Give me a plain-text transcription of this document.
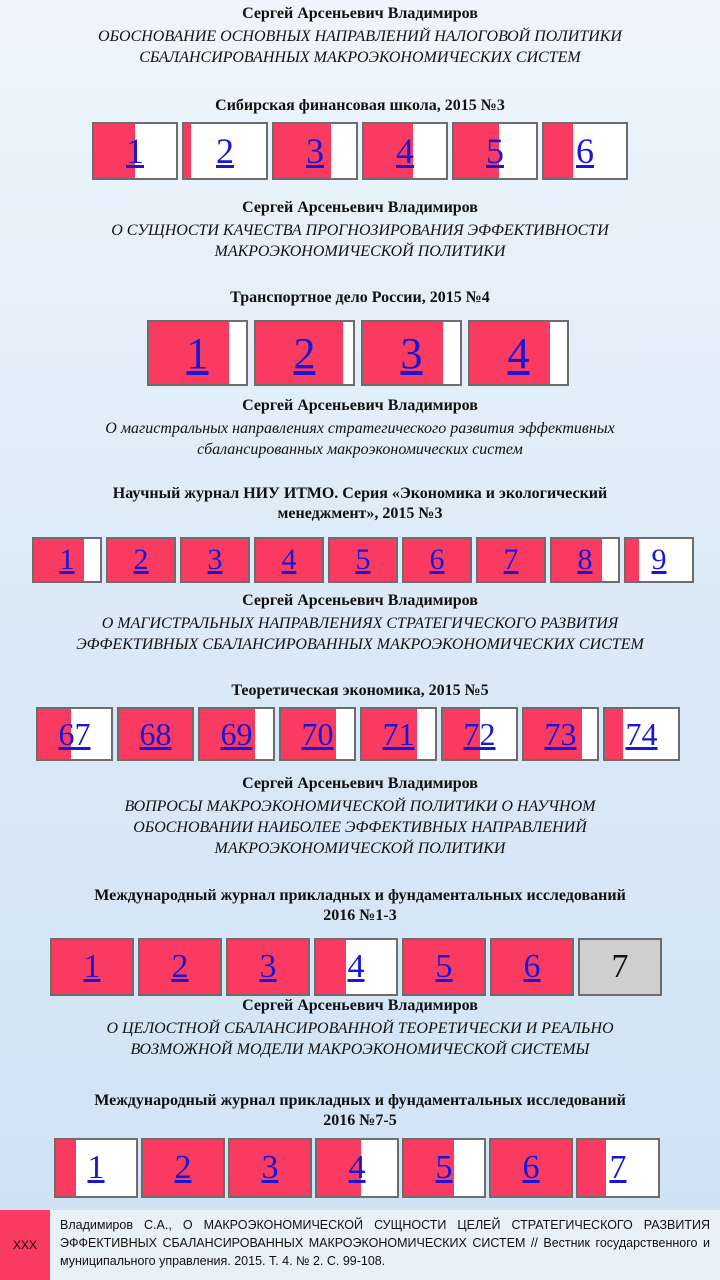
Сергей Арсеньевич Владимиров
ОБОСНОВАНИЕ ОСНОВНЫХ НАПРАВЛЕНИЙ НАЛОГОВОЙ ПОЛИТИКИ
СБАЛАНСИРОВАННЫХ МАКРОЭКОНОМИЧЕСКИХ СИСТЕМ
Сибирская финансовая школа, 2015 №3
1 2 3 4 5 6
Сергей Арсеньевич Владимиров
О СУЩНОСТИ КАЧЕСТВА ПРОГНОЗИРОВАНИЯ ЭФФЕКТИВНОСТИ
МАКРОЭКОНОМИЧЕСКОЙ ПОЛИТИКИ
Транспортное дело России, 2015 №4
1 2 3 4
Сергей Арсеньевич Владимиров
О магистральных направлениях стратегического развития эффективных
сбалансированных макроэкономических систем
Научный журнал НИУ ИТМО. Серия «Экономика и экологический
менеджмент», 2015 №3
1 2 3 4 5 6 7 8 9
Сергей Арсеньевич Владимиров
О МАГИСТРАЛЬНЫХ НАПРАВЛЕНИЯХ СТРАТЕГИЧЕСКОГО РАЗВИТИЯ
ЭФФЕКТИВНЫХ СБАЛАНСИРОВАННЫХ МАКРОЭКОНОМИЧЕСКИХ СИСТЕМ
Теоретическая экономика, 2015 №5
67 68 69 70 71 72 73 74
Сергей Арсеньевич Владимиров
ВОПРОСЫ МАКРОЭКОНОМИЧЕСКОЙ ПОЛИТИКИ О НАУЧНОМ
ОБОСНОВАНИИ НАИБОЛЕЕ ЭФФЕКТИВНЫХ НАПРАВЛЕНИЙ
МАКРОЭКОНОМИЧЕСКОЙ ПОЛИТИКИ
Международный журнал прикладных и фундаментальных исследований
2016 №1-3
1 2 3 4 5 6 7
Сергей Арсеньевич Владимиров
О ЦЕЛОСТНОЙ СБАЛАНСИРОВАННОЙ ТЕОРЕТИЧЕСКИ И РЕАЛЬНО
ВОЗМОЖНОЙ МОДЕЛИ МАКРОЭКОНОМИЧЕСКОЙ СИСТЕМЫ
Международный журнал прикладных и фундаментальных исследований
2016 №7-5
1 2 3 4 5 6 7
XXX
Владимиров С.А., О МАКРОЭКОНОМИЧЕСКОЙ СУЩНОСТИ ЦЕЛЕЙ СТРАТЕГИЧЕСКОГО РАЗВИТИЯ ЭФФЕКТИВНЫХ СБАЛАНСИРОВАННЫХ МАКРОЭКОНОМИЧЕСКИХ СИСТЕМ // Вестник государственного и муниципального управления. 2015. Т. 4. № 2. С. 99-108.
